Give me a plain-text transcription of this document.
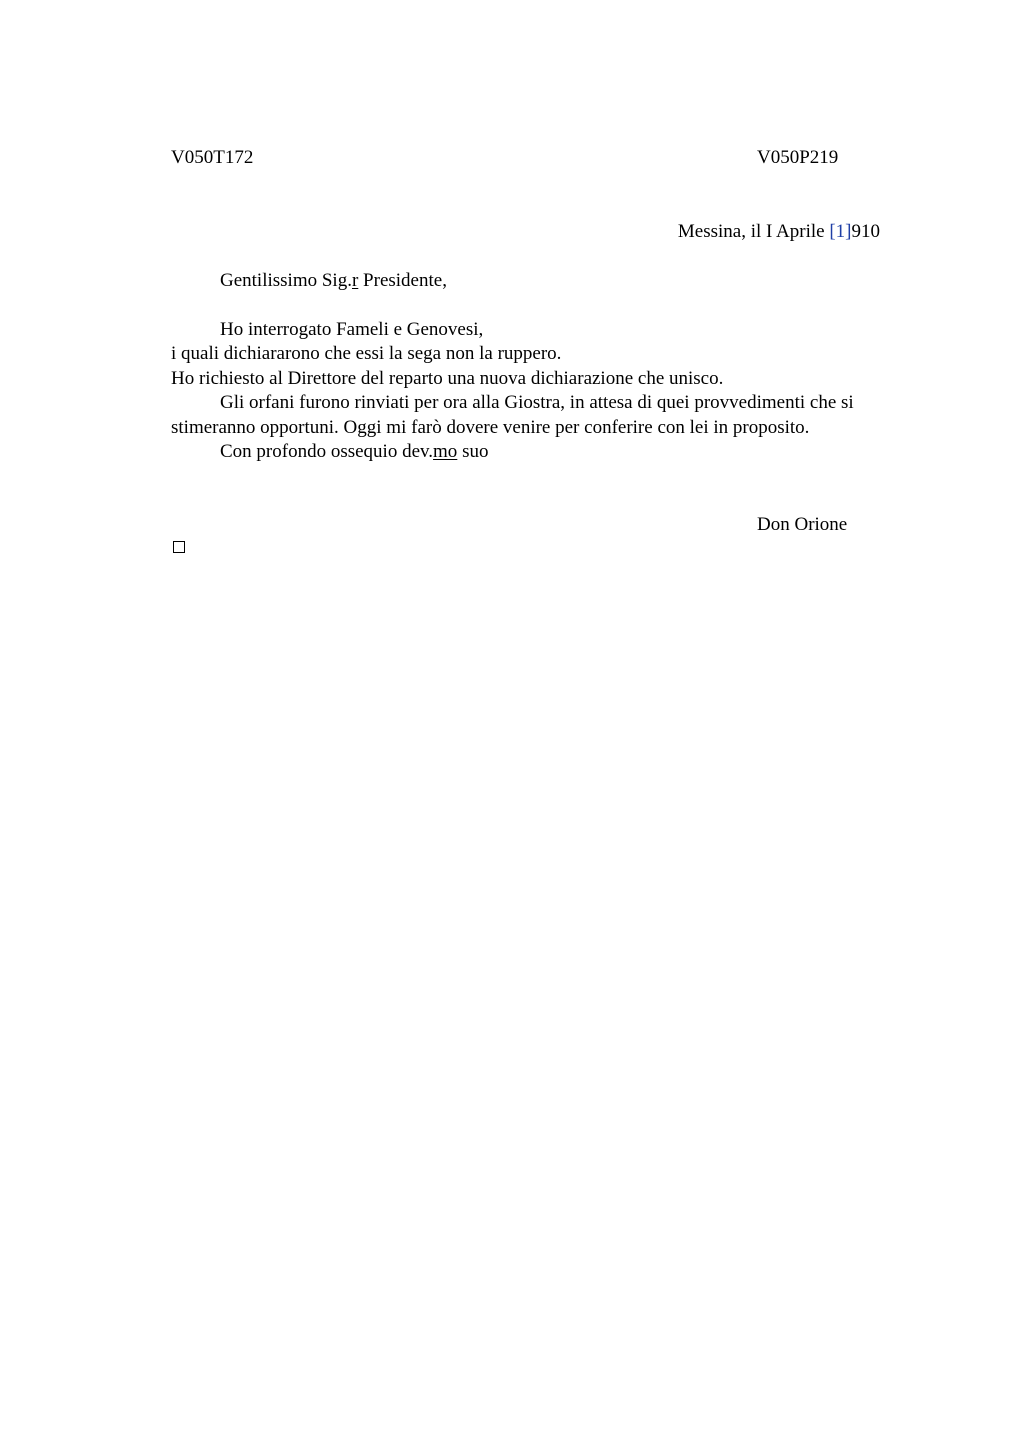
V050T172	V050P219
Messina, il I Aprile [1]910
Gentilissimo Sig.r Presidente,

Ho interrogato Fameli e Genovesi,

i quali dichiararono che essi la sega non la ruppero.

Ho richiesto al Direttore del reparto una nuova dichiarazione che unisco.

Gli orfani furono rinviati per ora alla Giostra, in attesa di quei provvedimenti che si stimeranno opportuni. Oggi mi farò dovere venire per conferire con lei in proposito.

Con profondo ossequio dev.mo suo

Don Orione
